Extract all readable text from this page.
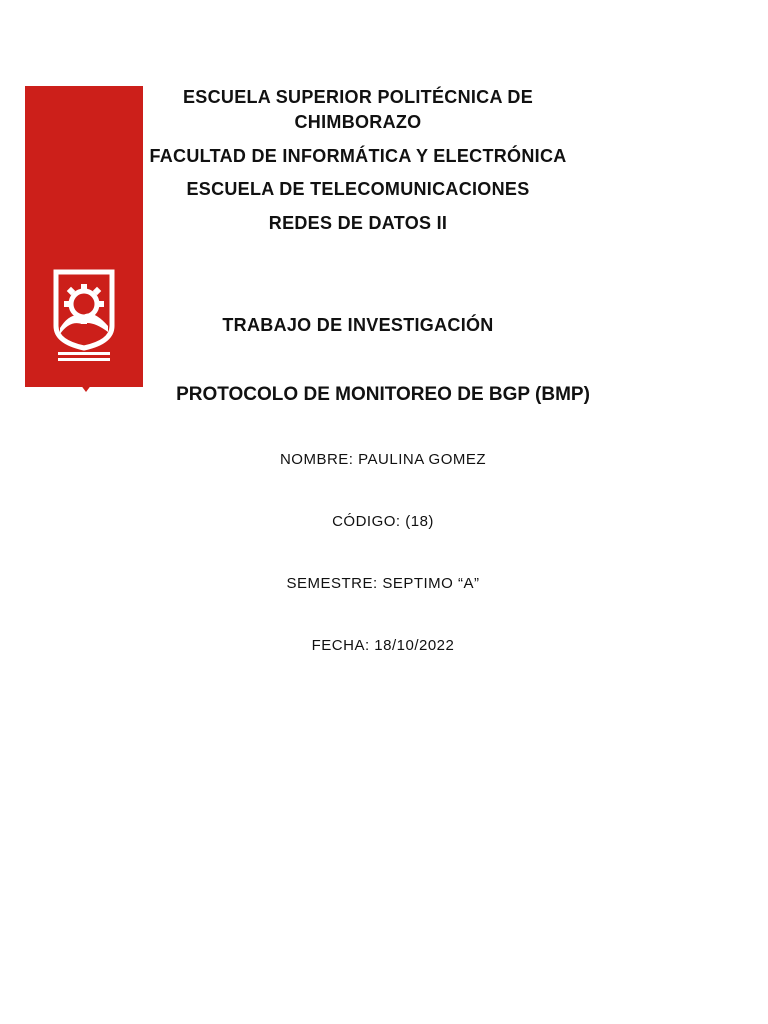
ESCUELA SUPERIOR POLITÉCNICA DE
CHIMBORAZO
FACULTAD DE INFORMÁTICA Y ELECTRÓNICA
ESCUELA DE TELECOMUNICACIONES
REDES DE DATOS II
TRABAJO DE INVESTIGACIÓN
PROTOCOLO DE MONITOREO DE BGP (BMP)
NOMBRE: PAULINA GOMEZ
CÓDIGO: (18)
SEMESTRE: SEPTIMO “A”
FECHA: 18/10/2022
